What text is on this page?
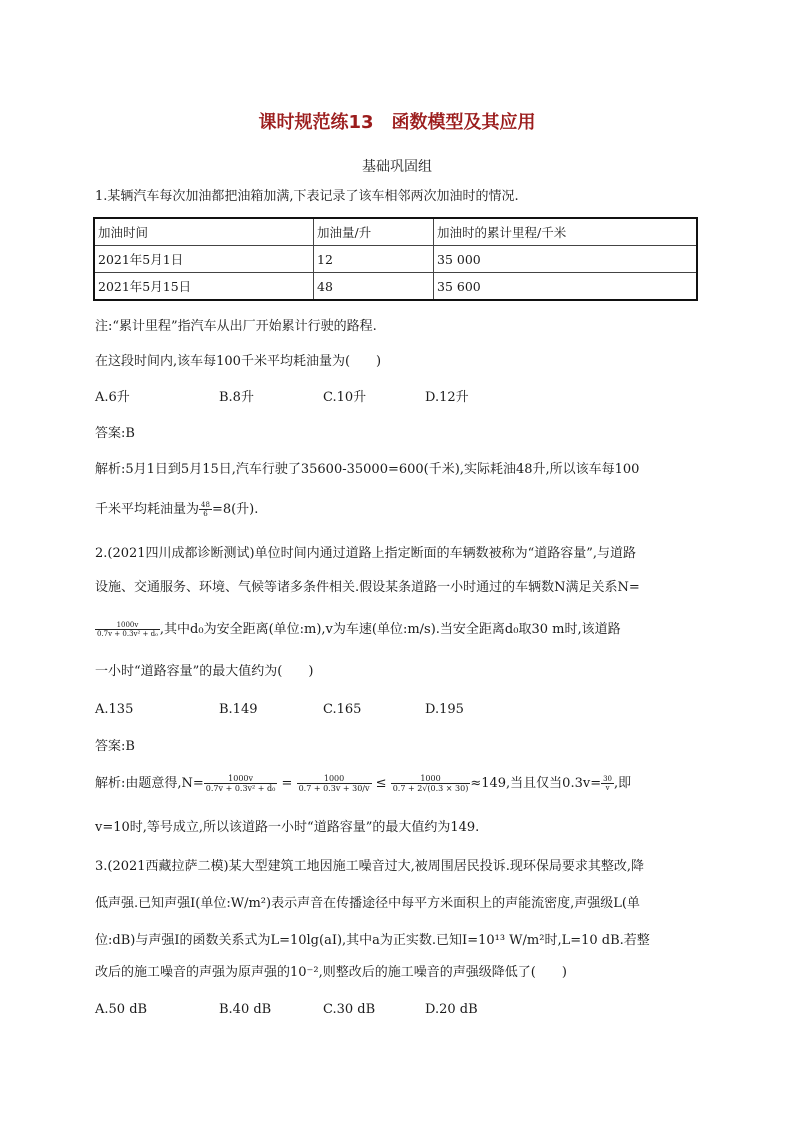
课时规范练13 函数模型及其应用
基础巩固组
1.某辆汽车每次加油都把油箱加满,下表记录了该车相邻两次加油时的情况.
加油时间	加油量/升	加油时的累计里程/千米
2021年5月1日	12	35 000
2021年5月15日	48	35 600
注:“累计里程”指汽车从出厂开始累计行驶的路程.
在这段时间内,该车每100千米平均耗油量为(　　)
A.6升	B.8升	C.10升	D.12升
答案:B
解析:5月1日到5月15日,汽车行驶了35600-35000=600(千米),实际耗油48升,所以该车每100
千米平均耗油量为 $\frac{48}{6} =8$(升).
2.(2021四川成都诊断测试)单位时间内通过道路上指定断面的车辆数被称为“道路容量”,与道路
设施、交通服务、环境、气候等诸多条件相关.假设某条道路一小时通过的车辆数N满足关系N=
$\frac{1000v}{\text{0.7v + 0.3v² + d₀}}$ ,其中d₀为安全距离(单位:m),v为车速(单位:m/s).当安全距离d₀取30 m时,该道路
一小时“道路容量”的最大值约为(　　)
A.135	B.149	C.165	D.195
答案:B
解析:由题意得$,N= \frac{1000v}{\text{0.7v + 0.3v² + d₀}} = \frac{1000}{0.7 + 0.3v + 30/v} \le \frac{1000}{0.7 + 2√(0.3 \times 30)} \approx 149$,当且仅当$0.3v= \frac{30}{v}$ ,即
v=10时,等号成立,所以该道路一小时“道路容量”的最大值约为149.
3.(2021西藏拉萨二模)某大型建筑工地因施工噪音过大,被周围居民投诉.现环保局要求其整改,降
低声强.已知声强I(单位:W/m²)表示声音在传播途径中每平方米面积上的声能流密度,声强级L(单
位:dB)与声强I的函数关系式为L=10lg(aI),其中a为正实数.已知I=10¹³ W/m²时,L=10 dB.若整
改后的施工噪音的声强为原声强的10⁻²,则整改后的施工噪音的声强级降低了(　　)
A.50 dB	B.40 dB	C.30 dB	D.20 dB
